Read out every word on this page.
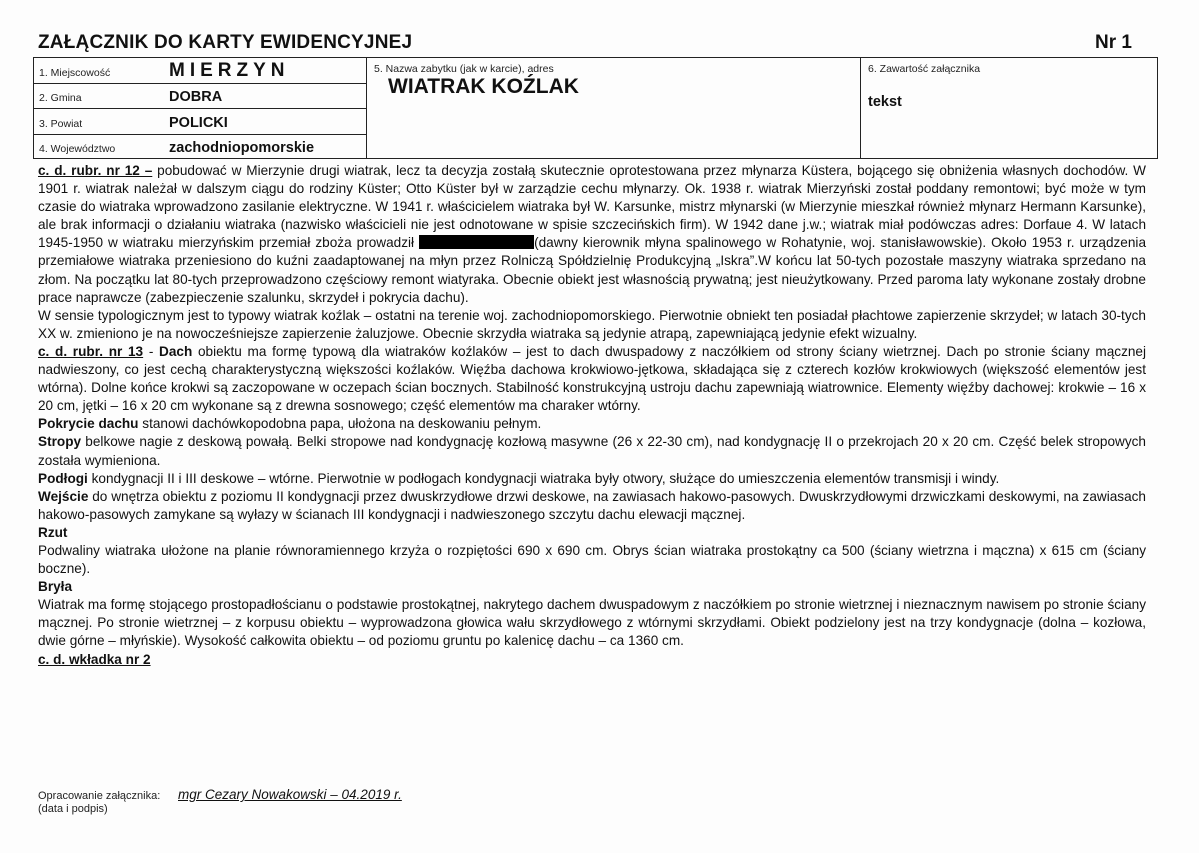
ZAŁĄCZNIK DO KARTY EWIDENCYJNEJ	Nr 1
1. Miejscowość	MIERZYN
2. Gmina	DOBRA
3. Powiat	POLICKI
4. Województwo	zachodniopomorskie
5. Nazwa zabytku (jak w karcie), adres
WIATRAK KOŹLAK
6. Zawartość załącznika
tekst

c. d. rubr. nr 12 – pobudować w Mierzynie drugi wiatrak, lecz ta decyzja zostałą skutecznie oprotestowana przez młynarza Küstera, bojącego się obniżenia własnych dochodów. W 1901 r. wiatrak należał w dalszym ciągu do rodziny Küster; Otto Küster był w zarządzie cechu młynarzy. Ok. 1938 r. wiatrak Mierzyński został poddany remontowi; być może w tym czasie do wiatraka wprowadzono zasilanie elektryczne. W 1941 r. właścicielem wiatraka był W. Karsunke, mistrz młynarski (w Mierzynie mieszkał również młynarz Hermann Karsunke), ale brak informacji o działaniu wiatraka (nazwisko właścicieli nie jest odnotowane w spisie szczecińskich firm). W 1942 dane j.w.; wiatrak miał podówczas adres: Dorfaue 4. W latach 1945-1950 w wiatraku mierzyńskim przemiał zboża prowadził	(dawny kierownik młyna spalinowego w Rohatynie, woj. stanisławowskie). Około 1953 r. urządzenia przemiałowe wiatraka przeniesiono do kuźni zaadaptowanej na młyn przez Rolniczą Spółdzielnię Produkcyjną „Iskra”.W końcu lat 50-tych pozostałe maszyny wiatraka sprzedano na złom. Na początku lat 80-tych przeprowadzono częściowy remont wiatyraka. Obecnie obiekt jest własnością prywatną; jest nieużytkowany. Przed paroma laty wykonane zostały drobne prace naprawcze (zabezpieczenie szalunku, skrzydeł i pokrycia dachu).

W sensie typologicznym jest to typowy wiatrak koźlak – ostatni na terenie woj. zachodniopomorskiego. Pierwotnie obniekt ten posiadał płachtowe zapierzenie skrzydeł; w latach 30-tych XX w. zmieniono je na nowocześniejsze zapierzenie żaluzjowe. Obecnie skrzydła wiatraka są jedynie atrapą, zapewniającą jedynie efekt wizualny.

c. d. rubr. nr 13 - Dach obiektu ma formę typową dla wiatraków koźlaków – jest to dach dwuspadowy z naczółkiem od strony ściany wietrznej. Dach po stronie ściany mącznej nadwieszony, co jest cechą charakterystyczną większości koźlaków. Więźba dachowa krokwiowo-jętkowa, składająca się z czterech kozłów krokwiowych (większość elementów jest wtórna). Dolne końce krokwi są zaczopowane w oczepach ścian bocznych. Stabilność konstrukcyjną ustroju dachu zapewniają wiatrownice. Elementy więźby dachowej: krokwie – 16 x 20 cm, jętki – 16 x 20 cm wykonane są z drewna sosnowego; część elementów ma charaker wtórny.

Pokrycie dachu stanowi dachówkopodobna papa, ułożona na deskowaniu pełnym.

Stropy belkowe nagie z deskową powałą. Belki stropowe nad kondygnację kozłową masywne (26 x 22-30 cm), nad kondygnację II o przekrojach 20 x 20 cm. Część belek stropowych została wymieniona.

Podłogi kondygnacji II i III deskowe – wtórne. Pierwotnie w podłogach kondygnacji wiatraka były otwory, służące do umieszczenia elementów transmisji i windy.

Wejście do wnętrza obiektu z poziomu II kondygnacji przez dwuskrzydłowe drzwi deskowe, na zawiasach hakowo-pasowych. Dwuskrzydłowymi drzwiczkami deskowymi, na zawiasach hakowo-pasowych zamykane są wyłazy w ścianach III kondygnacji i nadwieszonego szczytu dachu elewacji mącznej.

Rzut

Podwaliny wiatraka ułożone na planie równoramiennego krzyża o rozpiętości 690 x 690 cm. Obrys ścian wiatraka prostokątny ca 500 (ściany wietrzna i mączna) x 615 cm (ściany boczne).

Bryła

Wiatrak ma formę stojącego prostopadłościanu o podstawie prostokątnej, nakrytego dachem dwuspadowym z naczółkiem po stronie wietrznej i nieznacznym nawisem po stronie ściany mącznej. Po stronie wietrznej – z korpusu obiektu – wyprowadzona głowica wału skrzydłowego z wtórnymi skrzydłami. Obiekt podzielony jest na trzy kondygnacje (dolna – kozłowa, dwie górne – młyńskie). Wysokość całkowita obiektu – od poziomu gruntu po kalenicę dachu – ca 1360 cm.

c. d. wkładka nr 2

Opracowanie załącznika:
(data i podpis)
mgr Cezary Nowakowski – 04.2019 r.
